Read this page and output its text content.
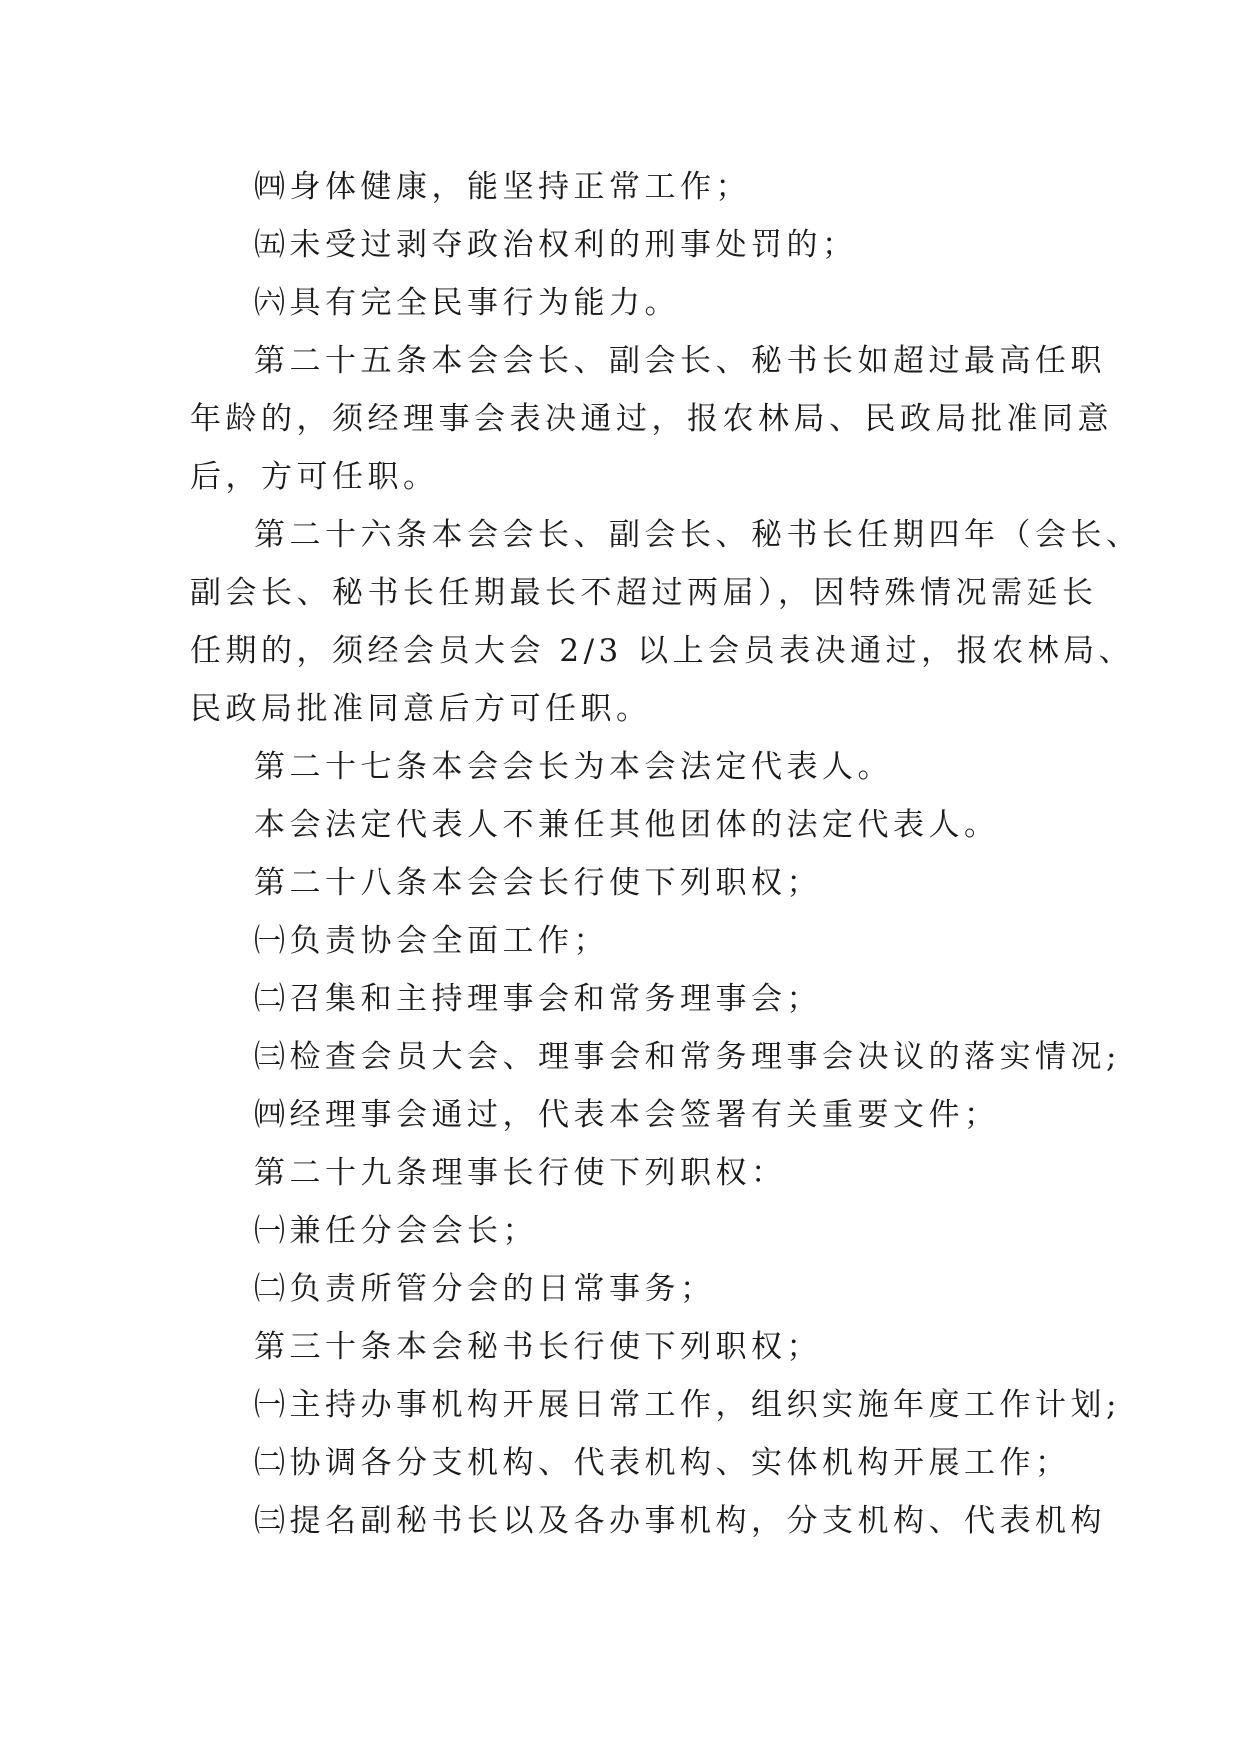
㈣身体健康，能坚持正常工作；
㈤未受过剥夺政治权利的刑事处罚的；
㈥具有完全民事行为能力。
第二十五条本会会长、副会长、秘书长如超过最高任职
年龄的，须经理事会表决通过，报农林局、民政局批准同意
后，方可任职。
第二十六条本会会长、副会长、秘书长任期四年（会长、
副会长、秘书长任期最长不超过两届），因特殊情况需延长
任期的，须经会员大会 2/3 以上会员表决通过，报农林局、
民政局批准同意后方可任职。
第二十七条本会会长为本会法定代表人。
本会法定代表人不兼任其他团体的法定代表人。
第二十八条本会会长行使下列职权；
㈠负责协会全面工作；
㈡召集和主持理事会和常务理事会；
㈢检查会员大会、理事会和常务理事会决议的落实情况;
㈣经理事会通过，代表本会签署有关重要文件；
第二十九条理事长行使下列职权：
㈠兼任分会会长；
㈡负责所管分会的日常事务；
第三十条本会秘书长行使下列职权；
㈠主持办事机构开展日常工作，组织实施年度工作计划;
㈡协调各分支机构、代表机构、实体机构开展工作；
㈢提名副秘书长以及各办事机构，分支机构、代表机构
